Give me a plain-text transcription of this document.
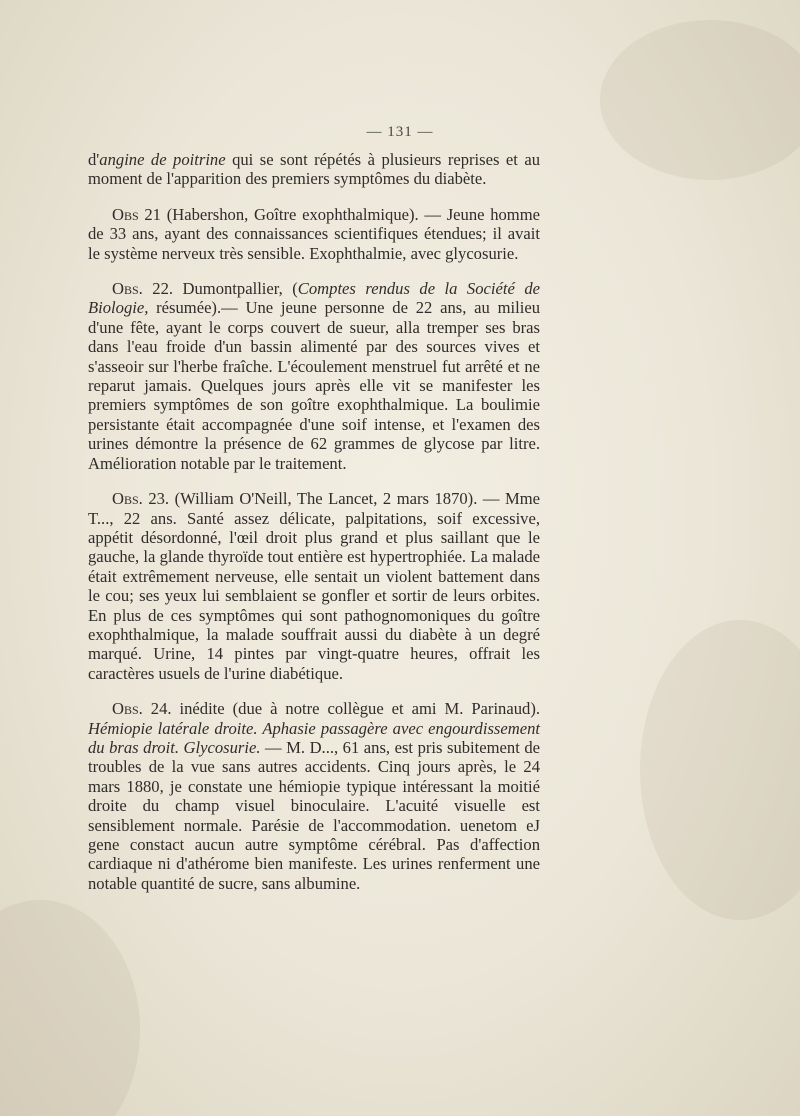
— 131 —

d'angine de poitrine qui se sont répétés à plusieurs reprises et au moment de l'apparition des premiers symptômes du diabète.

Obs 21 (Habershon, Goître exophthalmique). — Jeune homme de 33 ans, ayant des connaissances scientifiques étendues; il avait le système nerveux très sensible. Exophthalmie, avec glycosurie.

Obs. 22. Dumontpallier, (Comptes rendus de la Société de Biologie, résumée).— Une jeune personne de 22 ans, au milieu d'une fête, ayant le corps couvert de sueur, alla tremper ses bras dans l'eau froide d'un bassin alimenté par des sources vives et s'asseoir sur l'herbe fraîche. L'écoulement menstruel fut arrêté et ne reparut jamais. Quelques jours après elle vit se manifester les premiers symptômes de son goître exophthalmique. La boulimie persistante était accompagnée d'une soif intense, et l'examen des urines démontre la présence de 62 grammes de glycose par litre. Amélioration notable par le traitement.

Obs. 23. (William O'Neill, The Lancet, 2 mars 1870). — Mme T..., 22 ans. Santé assez délicate, palpitations, soif excessive, appétit désordonné, l'œil droit plus grand et plus saillant que le gauche, la glande thyroïde tout entière est hypertrophiée. La malade était extrêmement nerveuse, elle sentait un violent battement dans le cou; ses yeux lui semblaient se gonfler et sortir de leurs orbites. En plus de ces symptômes qui sont pathognomoniques du goître exophthalmique, la malade souffrait aussi du diabète à un degré marqué. Urine, 14 pintes par vingt-quatre heures, offrait les caractères usuels de l'urine diabétique.

Obs. 24. inédite (due à notre collègue et ami M. Parinaud). Hémiopie latérale droite. Aphasie passagère avec engourdissement du bras droit. Glycosurie. — M. D..., 61 ans, est pris subitement de troubles de la vue sans autres accidents. Cinq jours après, le 24 mars 1880, je constate une hémiopie typique intéressant la moitié droite du champ visuel binoculaire. L'acuité visuelle est sensiblement normale. Parésie de l'accommodation. uenetom eJ gene constact aucun autre symptôme cérébral. Pas d'affection cardiaque ni d'athérome bien manifeste. Les urines renferment une notable quantité de sucre, sans albumine.
